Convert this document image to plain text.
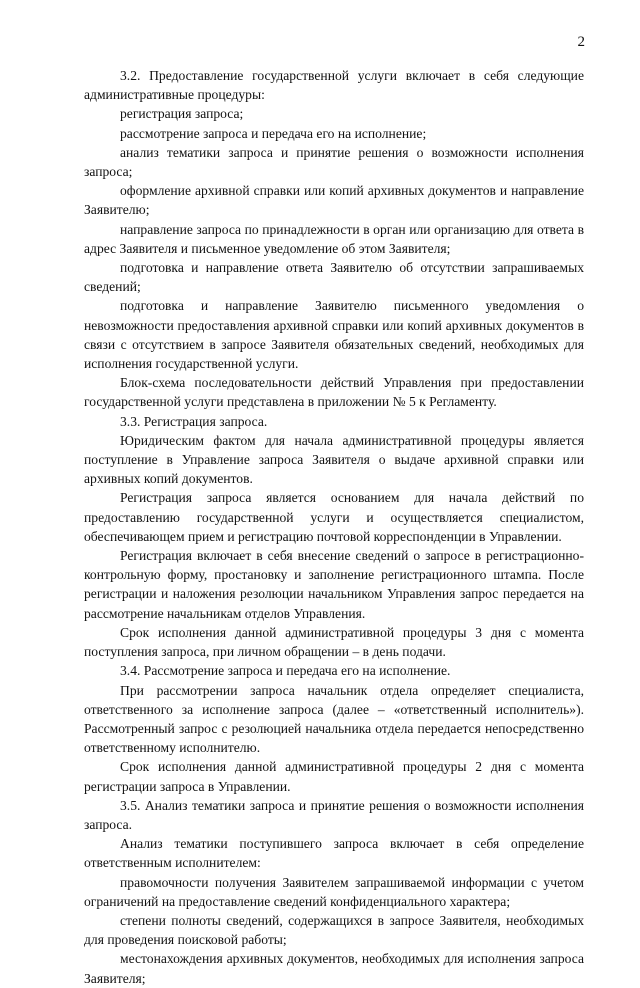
2

3.2. Предоставление государственной услуги включает в себя следующие административные процедуры:

регистрация запроса;

рассмотрение запроса и передача его на исполнение;

анализ тематики запроса и принятие решения о возможности исполнения запроса;

оформление архивной справки или копий архивных документов и направление Заявителю;

направление запроса по принадлежности в орган или организацию для ответа в адрес Заявителя и письменное уведомление об этом Заявителя;

подготовка и направление ответа Заявителю об отсутствии запрашиваемых сведений;

подготовка и направление Заявителю письменного уведомления о невозможности предоставления архивной справки или копий архивных документов в связи с отсутствием в запросе Заявителя обязательных сведений, необходимых для исполнения государственной услуги.

Блок-схема последовательности действий Управления при предоставлении государственной услуги представлена в приложении № 5 к Регламенту.

3.3. Регистрация запроса.

Юридическим фактом для начала административной процедуры является поступление в Управление запроса Заявителя о выдаче архивной справки или архивных копий документов.

Регистрация запроса является основанием для начала действий по предоставлению государственной услуги и осуществляется специалистом, обеспечивающем прием и регистрацию почтовой корреспонденции в Управлении.

Регистрация включает в себя внесение сведений о запросе в регистрационно-контрольную форму, простановку и заполнение регистрационного штампа. После регистрации и наложения резолюции начальником Управления запрос передается на рассмотрение начальникам отделов Управления.

Срок исполнения данной административной процедуры 3 дня с момента поступления запроса, при личном обращении – в день подачи.

3.4. Рассмотрение запроса и передача его на исполнение.

При рассмотрении запроса начальник отдела определяет специалиста, ответственного за исполнение запроса (далее – «ответственный исполнитель»). Рассмотренный запрос с резолюцией начальника отдела передается непосредственно ответственному исполнителю.

Срок исполнения данной административной процедуры 2 дня с момента регистрации запроса в Управлении.

3.5. Анализ тематики запроса и принятие решения о возможности исполнения запроса.

Анализ тематики поступившего запроса включает в себя определение ответственным исполнителем:

правомочности получения Заявителем запрашиваемой информации с учетом ограничений на предоставление сведений конфиденциального характера;

степени полноты сведений, содержащихся в запросе Заявителя, необходимых для проведения поисковой работы;

местонахождения архивных документов, необходимых для исполнения запроса Заявителя;
